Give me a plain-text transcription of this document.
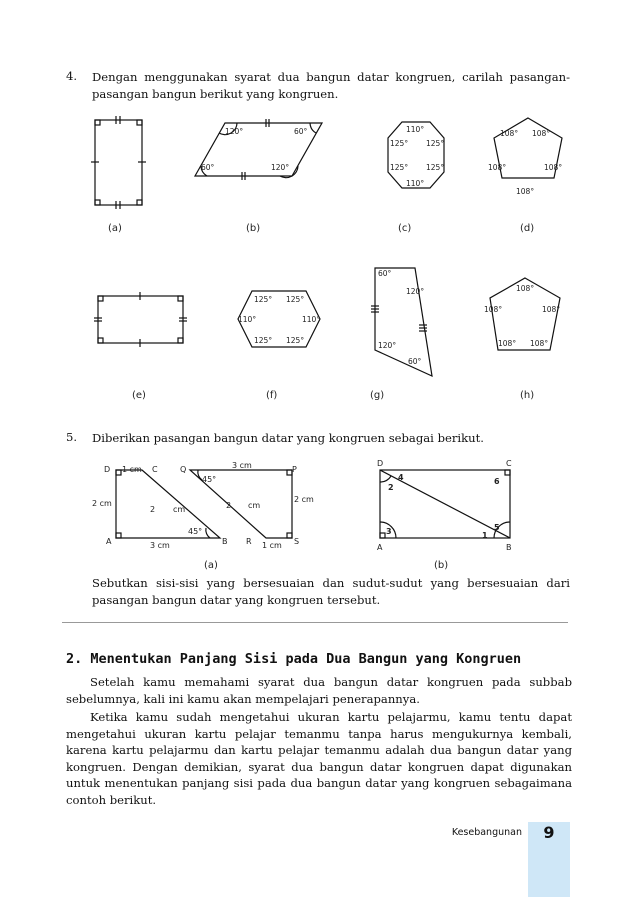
4. Dengan menggunakan syarat dua bangun datar kongruen, carilah pasangan-pasangan bangun berikut yang kongruen.
120°	60°
60°	120°
110°
125° 125°
125° 125°
110°
108° 108°
108°	108°
108°
125° 125°
110°	110°
125° 125°
60°
120°
120°
60°
108°
108°	108°
108° 108°
(a)	(b)	(c)	(d)
(e)	(f)	(g)	(h)
5. Diberikan pasangan bangun datar yang kongruen sebagai berikut.
D	C	Q	P
A	B R	S
1 cm	3 cm
2 cm
2 cm	2 cm
2 cm
3 cm	1 cm
45°
45°
D	C
A	B
4
2
6
3	5
1
(a)	(b)
Sebutkan sisi-sisi yang bersesuaian dan sudut-sudut yang bersesuaian dari pasangan bangun datar yang kongruen tersebut.
2. Menentukan Panjang Sisi pada Dua Bangun yang Kongruen
Setelah kamu memahami syarat dua bangun datar kongruen pada subbab sebelumnya, kali ini kamu akan mempelajari penerapannya.
Ketika kamu sudah mengetahui ukuran kartu pelajarmu, kamu tentu dapat mengetahui ukuran kartu pelajar temanmu tanpa harus mengukurnya kembali, karena kartu pelajarmu dan kartu pelajar temanmu adalah dua bangun datar yang kongruen. Dengan demikian, syarat dua bangun datar kongruen dapat digunakan untuk menentukan panjang sisi pada dua bangun datar yang kongruen sebagaimana contoh berikut.
Kesebangunan	9
